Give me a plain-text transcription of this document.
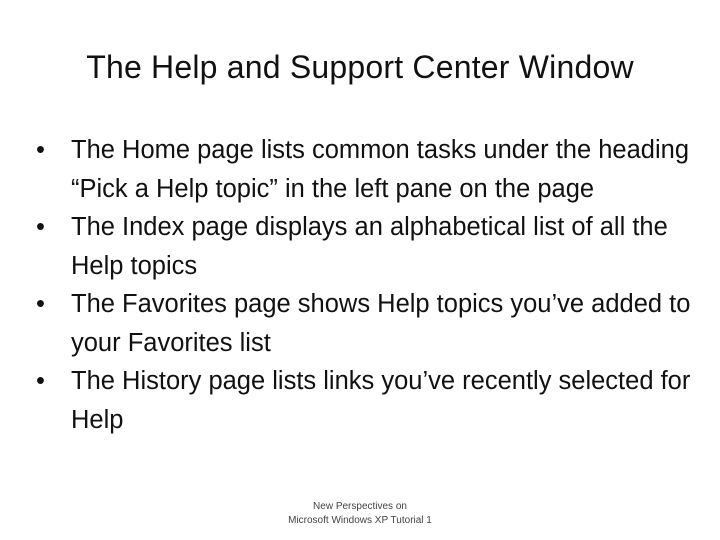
The Help and Support Center Window
•	The Home page lists common tasks under the heading “Pick a Help topic” in the left pane on the page
•	The Index page displays an alphabetical list of all the Help topics
•	The Favorites page shows Help topics you’ve added to your Favorites list
•	The History page lists links you’ve recently selected for Help
New Perspectives on
Microsoft Windows XP Tutorial 1
